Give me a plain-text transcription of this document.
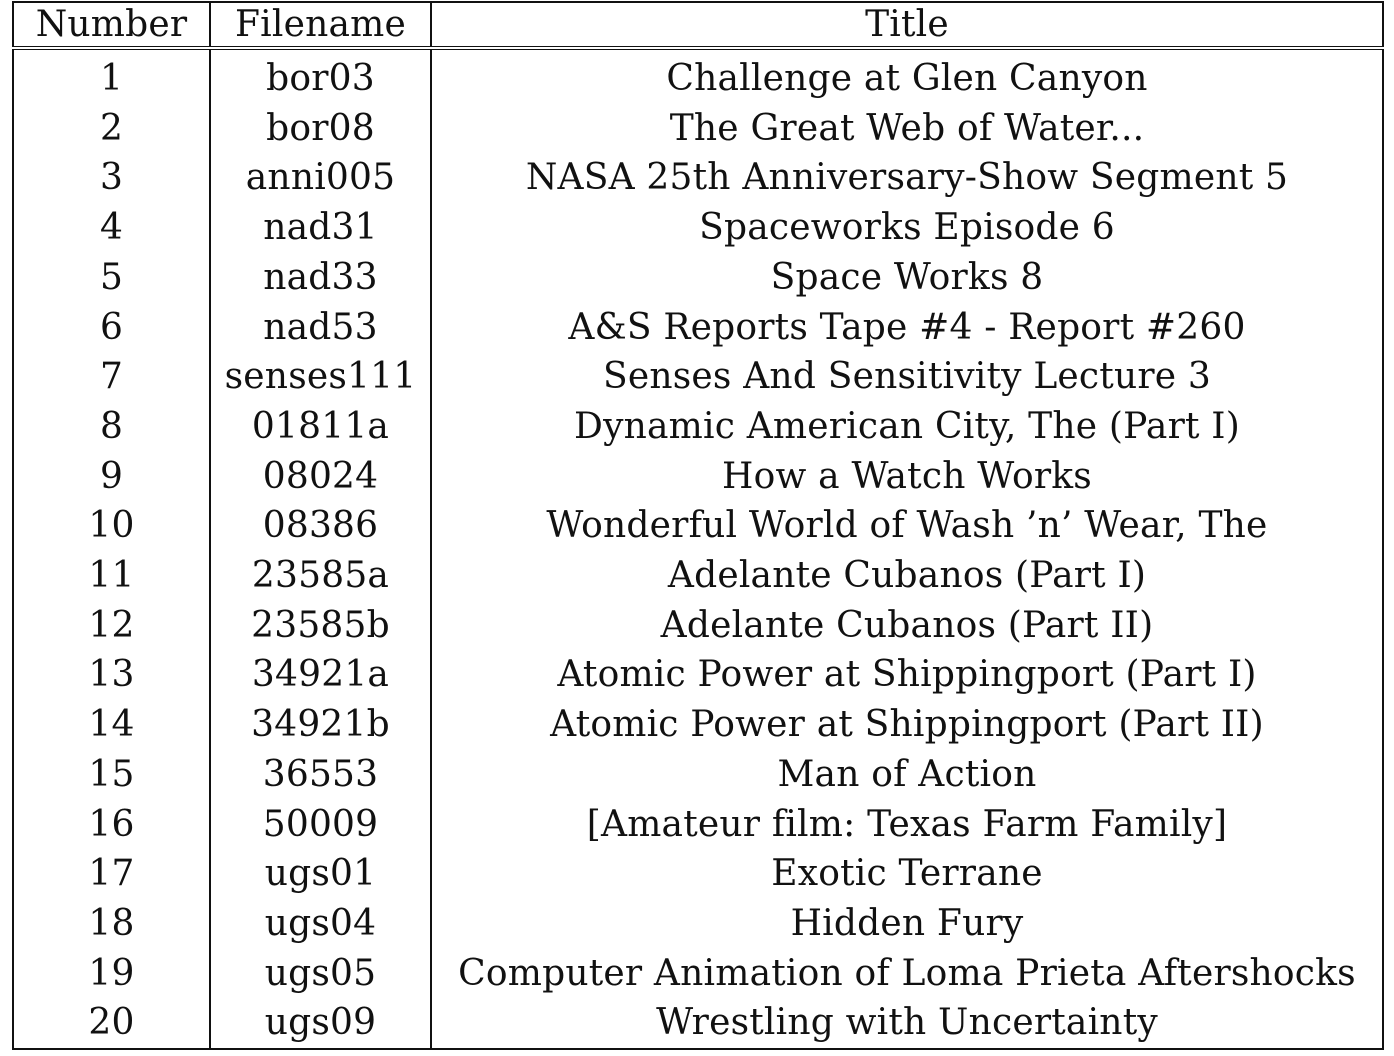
Number	Filename	Title
1	bor03	Challenge at Glen Canyon
2	bor08	The Great Web of Water...
3	anni005	NASA 25th Anniversary-Show Segment 5
4	nad31	Spaceworks Episode 6
5	nad33	Space Works 8
6	nad53	A&S Reports Tape #4 - Report #260
7	senses111	Senses And Sensitivity Lecture 3
8	01811a	Dynamic American City, The (Part I)
9	08024	How a Watch Works
10	08386	Wonderful World of Wash ’n’ Wear, The
11	23585a	Adelante Cubanos (Part I)
12	23585b	Adelante Cubanos (Part II)
13	34921a	Atomic Power at Shippingport (Part I)
14	34921b	Atomic Power at Shippingport (Part II)
15	36553	Man of Action
16	50009	[Amateur film: Texas Farm Family]
17	ugs01	Exotic Terrane
18	ugs04	Hidden Fury
19	ugs05	Computer Animation of Loma Prieta Aftershocks
20	ugs09	Wrestling with Uncertainty
